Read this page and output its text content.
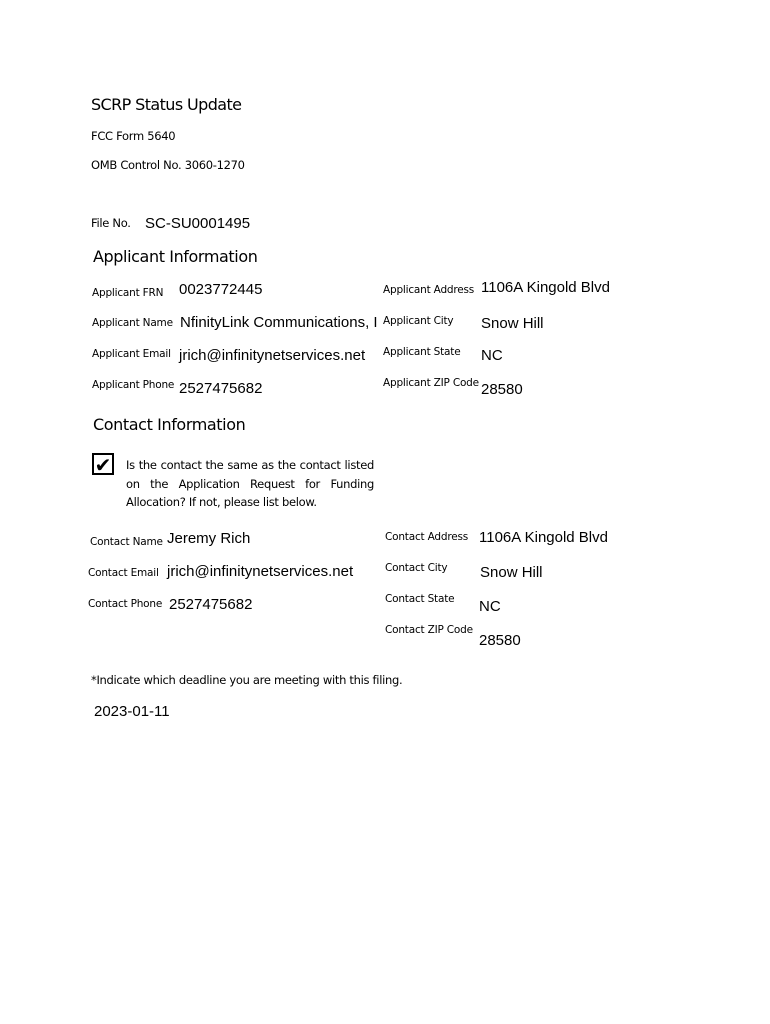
SCRP Status Update
FCC Form 5640
OMB Control No. 3060-1270
File No. SC-SU0001495
Applicant Information
Applicant FRN 0023772445
Applicant Name NfinityLink Communications, I
Applicant Email jrich@infinitynetservices.net
Applicant Phone 2527475682
Applicant Address 1106A Kingold Blvd
Applicant City Snow Hill
Applicant State NC
Applicant ZIP Code 28580
Contact Information
✔ Is the contact the same as the contact listed on the Application Request for Funding Allocation? If not, please list below.
Contact Name Jeremy Rich
Contact Email jrich@infinitynetservices.net
Contact Phone 2527475682
Contact Address 1106A Kingold Blvd
Contact City Snow Hill
Contact State NC
Contact ZIP Code
28580
*Indicate which deadline you are meeting with this filing.
2023-01-11
